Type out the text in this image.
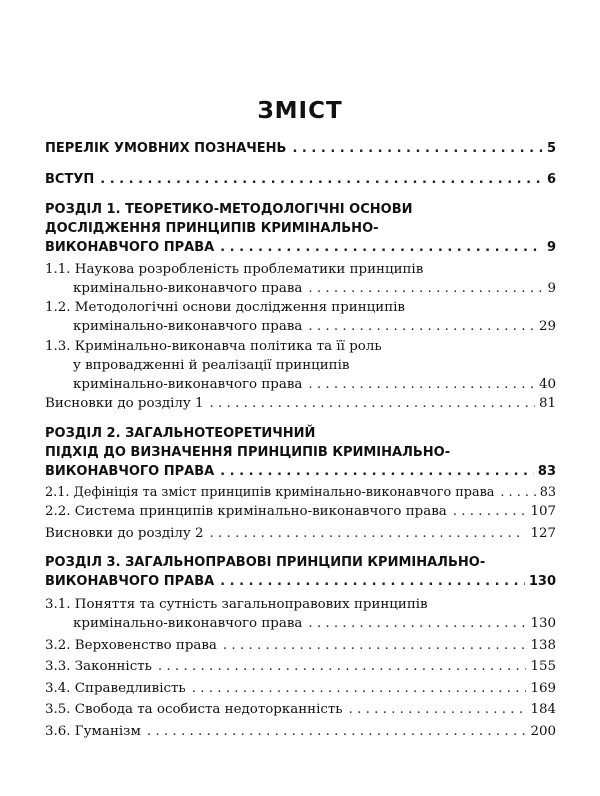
ЗМІСТ
ПЕРЕЛІК УМОВНИХ ПОЗНАЧЕНЬ . . .	5
ВСТУП . . .	6
РОЗДІЛ 1. ТЕОРЕТИКО-МЕТОДОЛОГІЧНІ ОСНОВИ
ДОСЛІДЖЕННЯ ПРИНЦИПІВ КРИМІНАЛЬНО-
ВИКОНАВЧОГО ПРАВА . . .	9
1.1. Наукова розробленість проблематики принципів
кримінально-виконавчого права . . .	9
1.2. Методологічні основи дослідження принципів
кримінально-виконавчого права . . .	29
1.3. Кримінально-виконавча політика та її роль
у впровадженні й реалізації принципів
кримінально-виконавчого права . . .	40
Висновки до розділу 1 . . .	81
РОЗДІЛ 2. ЗАГАЛЬНОТЕОРЕТИЧНИЙ
ПІДХІД ДО ВИЗНАЧЕННЯ ПРИНЦИПІВ КРИМІНАЛЬНО-
ВИКОНАВЧОГО ПРАВА . . .	83
2.1. Дефініція та зміст принципів кримінально-виконавчого права . . .	83
2.2. Система принципів кримінально-виконавчого права . . .	107
Висновки до розділу 2 . . .	127
РОЗДІЛ 3. ЗАГАЛЬНОПРАВОВІ ПРИНЦИПИ КРИМІНАЛЬНО-
ВИКОНАВЧОГО ПРАВА . . .	130
3.1. Поняття та сутність загальноправових принципів
кримінально-виконавчого права . . .	130
3.2. Верховенство права . . .	138
3.3. Законність . . .	155
3.4. Справедливість . . .	169
3.5. Свобода та особиста недоторканність . . .	184
3.6. Гуманізм . . .	200
